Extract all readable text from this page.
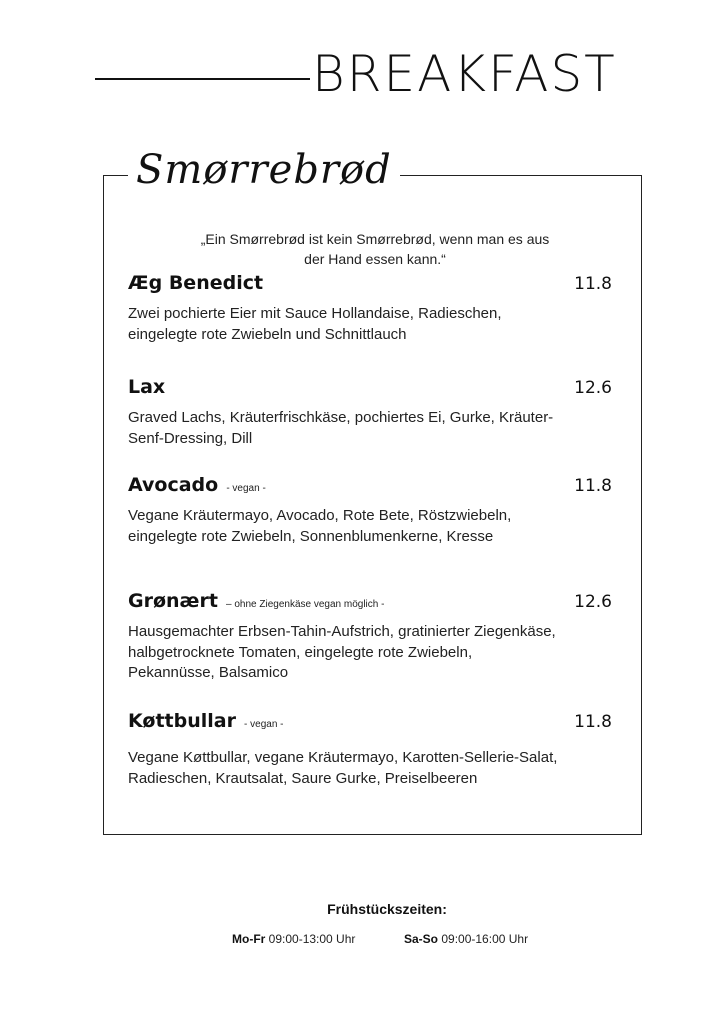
BREAKFAST
Smørrebrød
„Ein Smørrebrød ist kein Smørrebrød, wenn man es aus der Hand essen kann.“
Æg Benedict	11.8
Zwei pochierte Eier mit Sauce Hollandaise, Radieschen, eingelegte rote Zwiebeln und Schnittlauch
Lax	12.6
Graved Lachs, Kräuterfrischkäse, pochiertes Ei, Gurke, Kräuter-Senf-Dressing, Dill
Avocado - vegan -	11.8
Vegane Kräutermayo, Avocado, Rote Bete, Röstzwiebeln, eingelegte rote Zwiebeln, Sonnenblumenkerne, Kresse
Grønært – ohne Ziegenkäse vegan möglich -	12.6
Hausgemachter Erbsen-Tahin-Aufstrich, gratinierter Ziegenkäse, halbgetrocknete Tomaten, eingelegte rote Zwiebeln, Pekannüsse, Balsamico
Køttbullar - vegan -	11.8
Vegane Køttbullar, vegane Kräutermayo, Karotten-Sellerie-Salat, Radieschen, Krautsalat, Saure Gurke, Preiselbeeren
Frühstückszeiten:
Mo-Fr 09:00-13:00 Uhr	Sa-So 09:00-16:00 Uhr
